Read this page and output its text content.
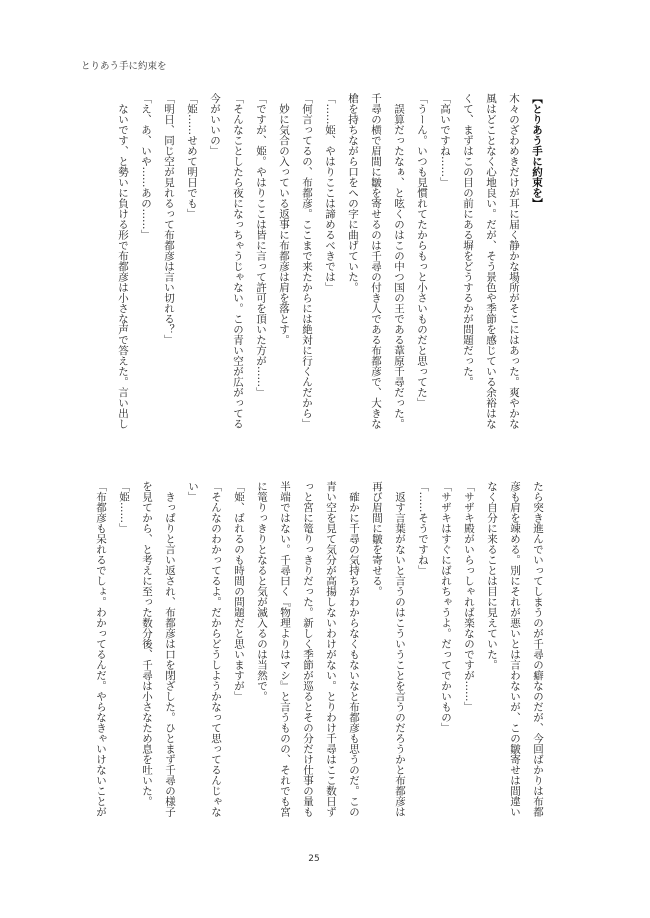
とりあう手に約束を
【とりあう手に約束を】
木々のざわめきだけが耳に届く静かな場所がそこにはあった。爽やかな
風はどことなく心地良い。だが、そう景色や季節を感じている余裕はな
くて、まずはこの目の前にある塀をどうするかが問題だった。
「高いですね……」
「うーん。いつも見慣れてたからもっと小さいものだと思ってた」
　誤算だったなぁ、と呟くのはこの中つ国の王である葦原千尋だった。
千尋の横で眉間に皺を寄せるのは千尋の付き人である布都彦で、大きな
槍を持ちながら口をへの字に曲げていた。
「……姫、やはりここは諦めるべきでは」
「何言ってるの、布都彦。ここまで来たからには絶対に行くんだから」
　妙に気合の入っている返事に布都彦は肩を落とす。
「ですが、姫。やはりここは皆に言って許可を頂いた方が……」
「そんなことしたら夜になっちゃうじゃない。この青い空が広がってる
今がいいの」
「姫……せめて明日でも」
「明日、同じ空が見れるって布都彦は言い切れる？」
「え、あ、いや……あの……」
　ないです、と勢いに負ける形で布都彦は小さな声で答えた。言い出し
たら突き進んでいってしまうのが千尋の癖なのだが、今回ばかりは布都
彦も肩を竦める。別にそれが悪いとは言わないが、この皺寄せは間違い
なく自分に来ることは目に見えていた。
「サザキ殿がいらっしゃれば楽なのですが……」
「サザキはすぐにばれちゃうよ。だってでかいもの」
「……そうですね」
　返す言葉がないと言うのはこういうことを言うのだろうかと布都彦は
再び眉間に皺を寄せる。
　確かに千尋の気持ちがわからなくもないなと布都彦も思うのだ。この
青い空を見て気分が高揚しないわけがない。とりわけ千尋はここ数日ず
っと宮に篭りっきりだった。新しく季節が巡るとその分だけ仕事の量も
半端ではない。千尋曰く『物理よりはマシ』と言うものの、それでも宮
に篭りっきりとなると気が滅入るのは当然で。
「姫、ばれるのも時間の問題だと思いますが」
「そんなのわかってるよ。だからどうしようかなって思ってるんじゃな
い」
　きっぱりと言い返され、布都彦は口を閉ざした。ひとまず千尋の様子
を見てから、と考えに至った数分後、千尋は小さなため息を吐いた。
「姫……」
「布都彦も呆れるでしょ。わかってるんだ。やらなきゃいけないことが
25
